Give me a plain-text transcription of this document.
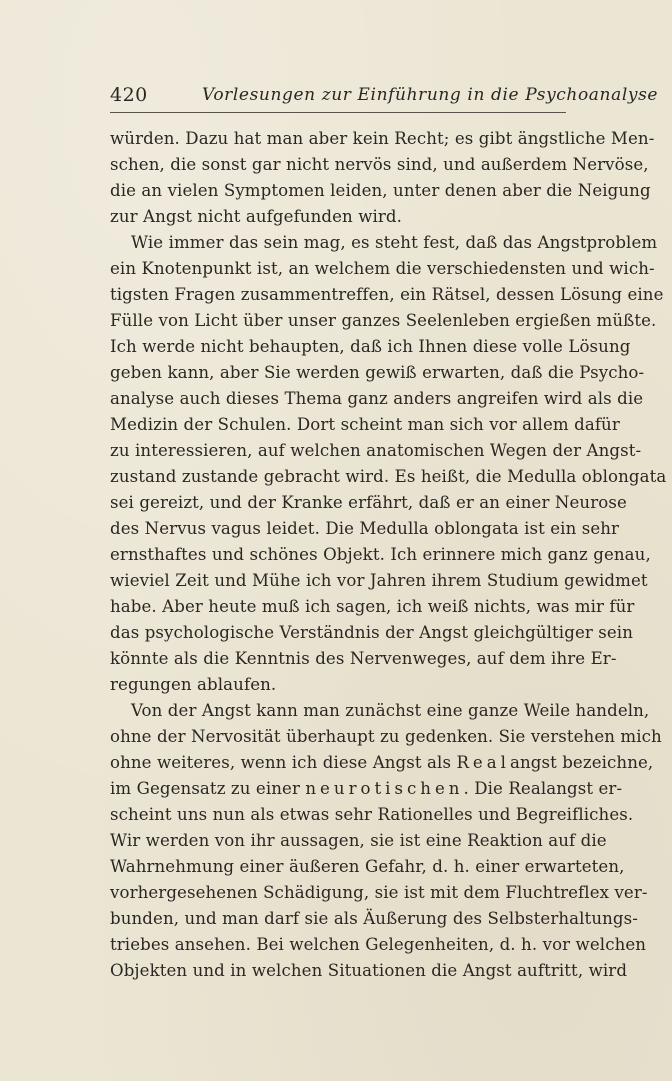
420	Vorlesungen zur Einführung in die Psychoanalyse
würden. Dazu hat man aber kein Recht; es gibt ängstliche Men-
schen, die sonst gar nicht nervös sind, und außerdem Nervöse,
die an vielen Symptomen leiden, unter denen aber die Neigung
zur Angst nicht aufgefunden wird.
Wie immer das sein mag, es steht fest, daß das Angstproblem
ein Knotenpunkt ist, an welchem die verschiedensten und wich-
tigsten Fragen zusammentreffen, ein Rätsel, dessen Lösung eine
Fülle von Licht über unser ganzes Seelenleben ergießen müßte.
Ich werde nicht behaupten, daß ich Ihnen diese volle Lösung
geben kann, aber Sie werden gewiß erwarten, daß die Psycho-
analyse auch dieses Thema ganz anders angreifen wird als die
Medizin der Schulen. Dort scheint man sich vor allem dafür
zu interessieren, auf welchen anatomischen Wegen der Angst-
zustand zustande gebracht wird. Es heißt, die Medulla oblongata
sei gereizt, und der Kranke erfährt, daß er an einer Neurose
des Nervus vagus leidet. Die Medulla oblongata ist ein sehr
ernsthaftes und schönes Objekt. Ich erinnere mich ganz genau,
wieviel Zeit und Mühe ich vor Jahren ihrem Studium gewidmet
habe. Aber heute muß ich sagen, ich weiß nichts, was mir für
das psychologische Verständnis der Angst gleichgültiger sein
könnte als die Kenntnis des Nervenweges, auf dem ihre Er-
regungen ablaufen.
Von der Angst kann man zunächst eine ganze Weile handeln,
ohne der Nervosität überhaupt zu gedenken. Sie verstehen mich
ohne weiteres, wenn ich diese Angst als Realangst bezeichne,
im Gegensatz zu einer neurotischen. Die Realangst er-
scheint uns nun als etwas sehr Rationelles und Begreifliches.
Wir werden von ihr aussagen, sie ist eine Reaktion auf die
Wahrnehmung einer äußeren Gefahr, d. h. einer erwarteten,
vorhergesehenen Schädigung, sie ist mit dem Fluchtreflex ver-
bunden, und man darf sie als Äußerung des Selbsterhaltungs-
triebes ansehen. Bei welchen Gelegenheiten, d. h. vor welchen
Objekten und in welchen Situationen die Angst auftritt, wird
